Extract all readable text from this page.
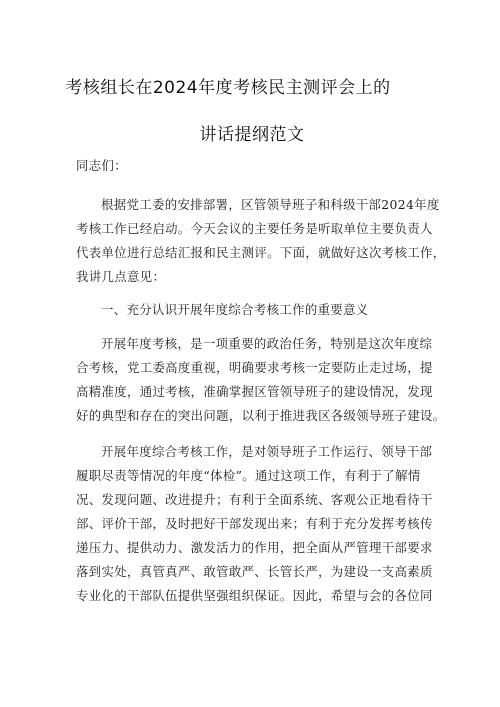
考核组长在2024年度考核民主测评会上的
讲话提纲范文
同志们：
根据党工委的安排部署，区管领导班子和科级干部2024年度
考核工作已经启动。今天会议的主要任务是听取单位主要负责人
代表单位进行总结汇报和民主测评。下面，就做好这次考核工作，
我讲几点意见：
一、充分认识开展年度综合考核工作的重要意义
开展年度考核，是一项重要的政治任务，特别是这次年度综
合考核，党工委高度重视，明确要求考核一定要防止走过场，提
高精准度，通过考核，准确掌握区管领导班子的建设情况，发现
好的典型和存在的突出问题，以利于推进我区各级领导班子建设。
开展年度综合考核工作，是对领导班子工作运行、领导干部
履职尽责等情况的年度“体检”。通过这项工作，有利于了解情
况、发现问题、改进提升；有利于全面系统、客观公正地看待干
部、评价干部，及时把好干部发现出来；有利于充分发挥考核传
递压力、提供动力、激发活力的作用，把全面从严管理干部要求
落到实处，真管真严、敢管敢严、长管长严，为建设一支高素质
专业化的干部队伍提供坚强组织保证。因此，希望与会的各位同
